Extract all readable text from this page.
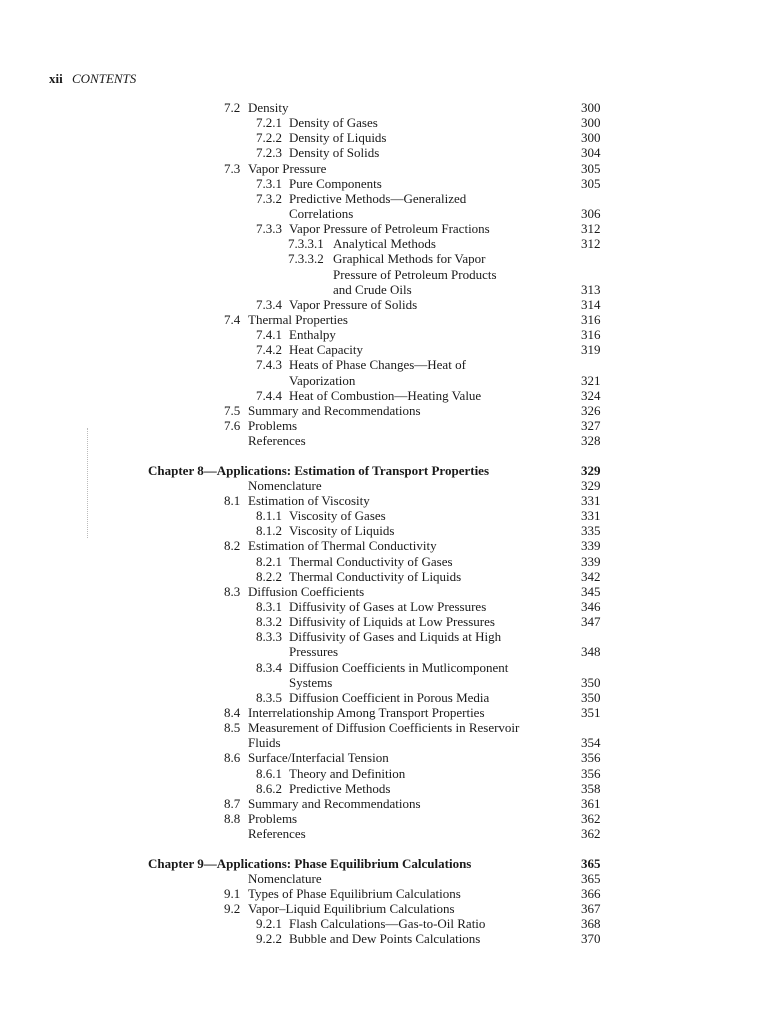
xii CONTENTS
7.2 Density	300
7.2.1 Density of Gases	300
7.2.2 Density of Liquids	300
7.2.3 Density of Solids	304
7.3 Vapor Pressure	305
7.3.1 Pure Components	305
7.3.2 Predictive Methods—Generalized
Correlations	306
7.3.3 Vapor Pressure of Petroleum Fractions	312
7.3.3.1 Analytical Methods	312
7.3.3.2 Graphical Methods for Vapor
Pressure of Petroleum Products
and Crude Oils	313
7.3.4 Vapor Pressure of Solids	314
7.4 Thermal Properties	316
7.4.1 Enthalpy	316
7.4.2 Heat Capacity	319
7.4.3 Heats of Phase Changes—Heat of
Vaporization	321
7.4.4 Heat of Combustion—Heating Value	324
7.5 Summary and Recommendations	326
7.6 Problems	327
References	328
Chapter 8—Applications: Estimation of Transport Properties	329
Nomenclature	329
8.1 Estimation of Viscosity	331
8.1.1 Viscosity of Gases	331
8.1.2 Viscosity of Liquids	335
8.2 Estimation of Thermal Conductivity	339
8.2.1 Thermal Conductivity of Gases	339
8.2.2 Thermal Conductivity of Liquids	342
8.3 Diffusion Coefficients	345
8.3.1 Diffusivity of Gases at Low Pressures	346
8.3.2 Diffusivity of Liquids at Low Pressures	347
8.3.3 Diffusivity of Gases and Liquids at High
Pressures	348
8.3.4 Diffusion Coefficients in Mutlicomponent
Systems	350
8.3.5 Diffusion Coefficient in Porous Media	350
8.4 Interrelationship Among Transport Properties	351
8.5 Measurement of Diffusion Coefficients in Reservoir
Fluids	354
8.6 Surface/Interfacial Tension	356
8.6.1 Theory and Definition	356
8.6.2 Predictive Methods	358
8.7 Summary and Recommendations	361
8.8 Problems	362
References	362
Chapter 9—Applications: Phase Equilibrium Calculations	365
Nomenclature	365
9.1 Types of Phase Equilibrium Calculations	366
9.2 Vapor–Liquid Equilibrium Calculations	367
9.2.1 Flash Calculations—Gas-to-Oil Ratio	368
9.2.2 Bubble and Dew Points Calculations	370
